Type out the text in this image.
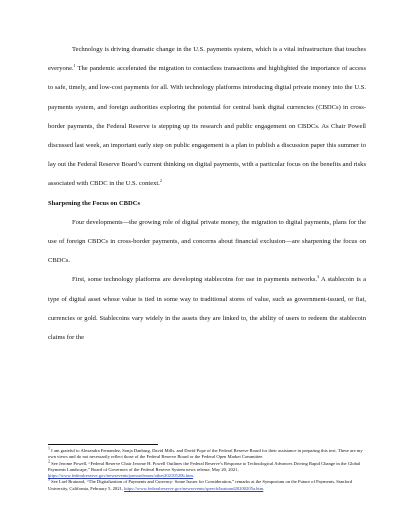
Technology is driving dramatic change in the U.S. payments system, which is a vital infrastructure that touches everyone.$^1$ The pandemic accelerated the migration to contactless transactions and highlighted the importance of access to safe, timely, and low-cost payments for all. With technology platforms introducing digital private money into the U.S. payments system, and foreign authorities exploring the potential for central bank digital currencies (CBDCs) in cross-border payments, the Federal Reserve is stepping up its research and public engagement on CBDCs. As Chair Powell discussed last week, an important early step on public engagement is a plan to publish a discussion paper this summer to lay out the Federal Reserve Board’s current thinking on digital payments, with a particular focus on the benefits and risks associated with CBDC in the U.S. context.$^2$

Sharpening the Focus on CBDCs

Four developments—the growing role of digital private money, the migration to digital payments, plans for the use of foreign CBDCs in cross-border payments, and concerns about financial exclusion—are sharpening the focus on CBDCs.

First, some technology platforms are developing stablecoins for use in payments networks.$^3$ A stablecoin is a type of digital asset whose value is tied in some way to traditional stores of value, such as government-issued, or fiat, currencies or gold. Stablecoins vary widely in the assets they are linked to, the ability of users to redeem the stablecoin claims for the

$^1$ I am grateful to Alexandra Fernandez, Sonja Danburg, David Mills, and David Pope of the Federal Reserve Board for their assistance in preparing this text. These are my own views and do not necessarily reflect those of the Federal Reserve Board or the Federal Open Market Committee.

$^2$ See Jerome Powell, “Federal Reserve Chair Jerome H. Powell Outlines the Federal Reserve’s Response to Technological Advances Driving Rapid Change in the Global Payments Landscape,” Board of Governors of the Federal Reserve System news release, May 20, 2021, https://www.federalreserve.gov/newsevents/pressreleases/other20210520b.htm.

$^3$ See Lael Brainard, “The Digitalization of Payments and Currency: Some Issues for Consideration,” remarks at the Symposium on the Future of Payments, Stanford University, California, February 5, 2021, https://www.federalreserve.gov/newsevents/speech/brainard20200205a.htm.
